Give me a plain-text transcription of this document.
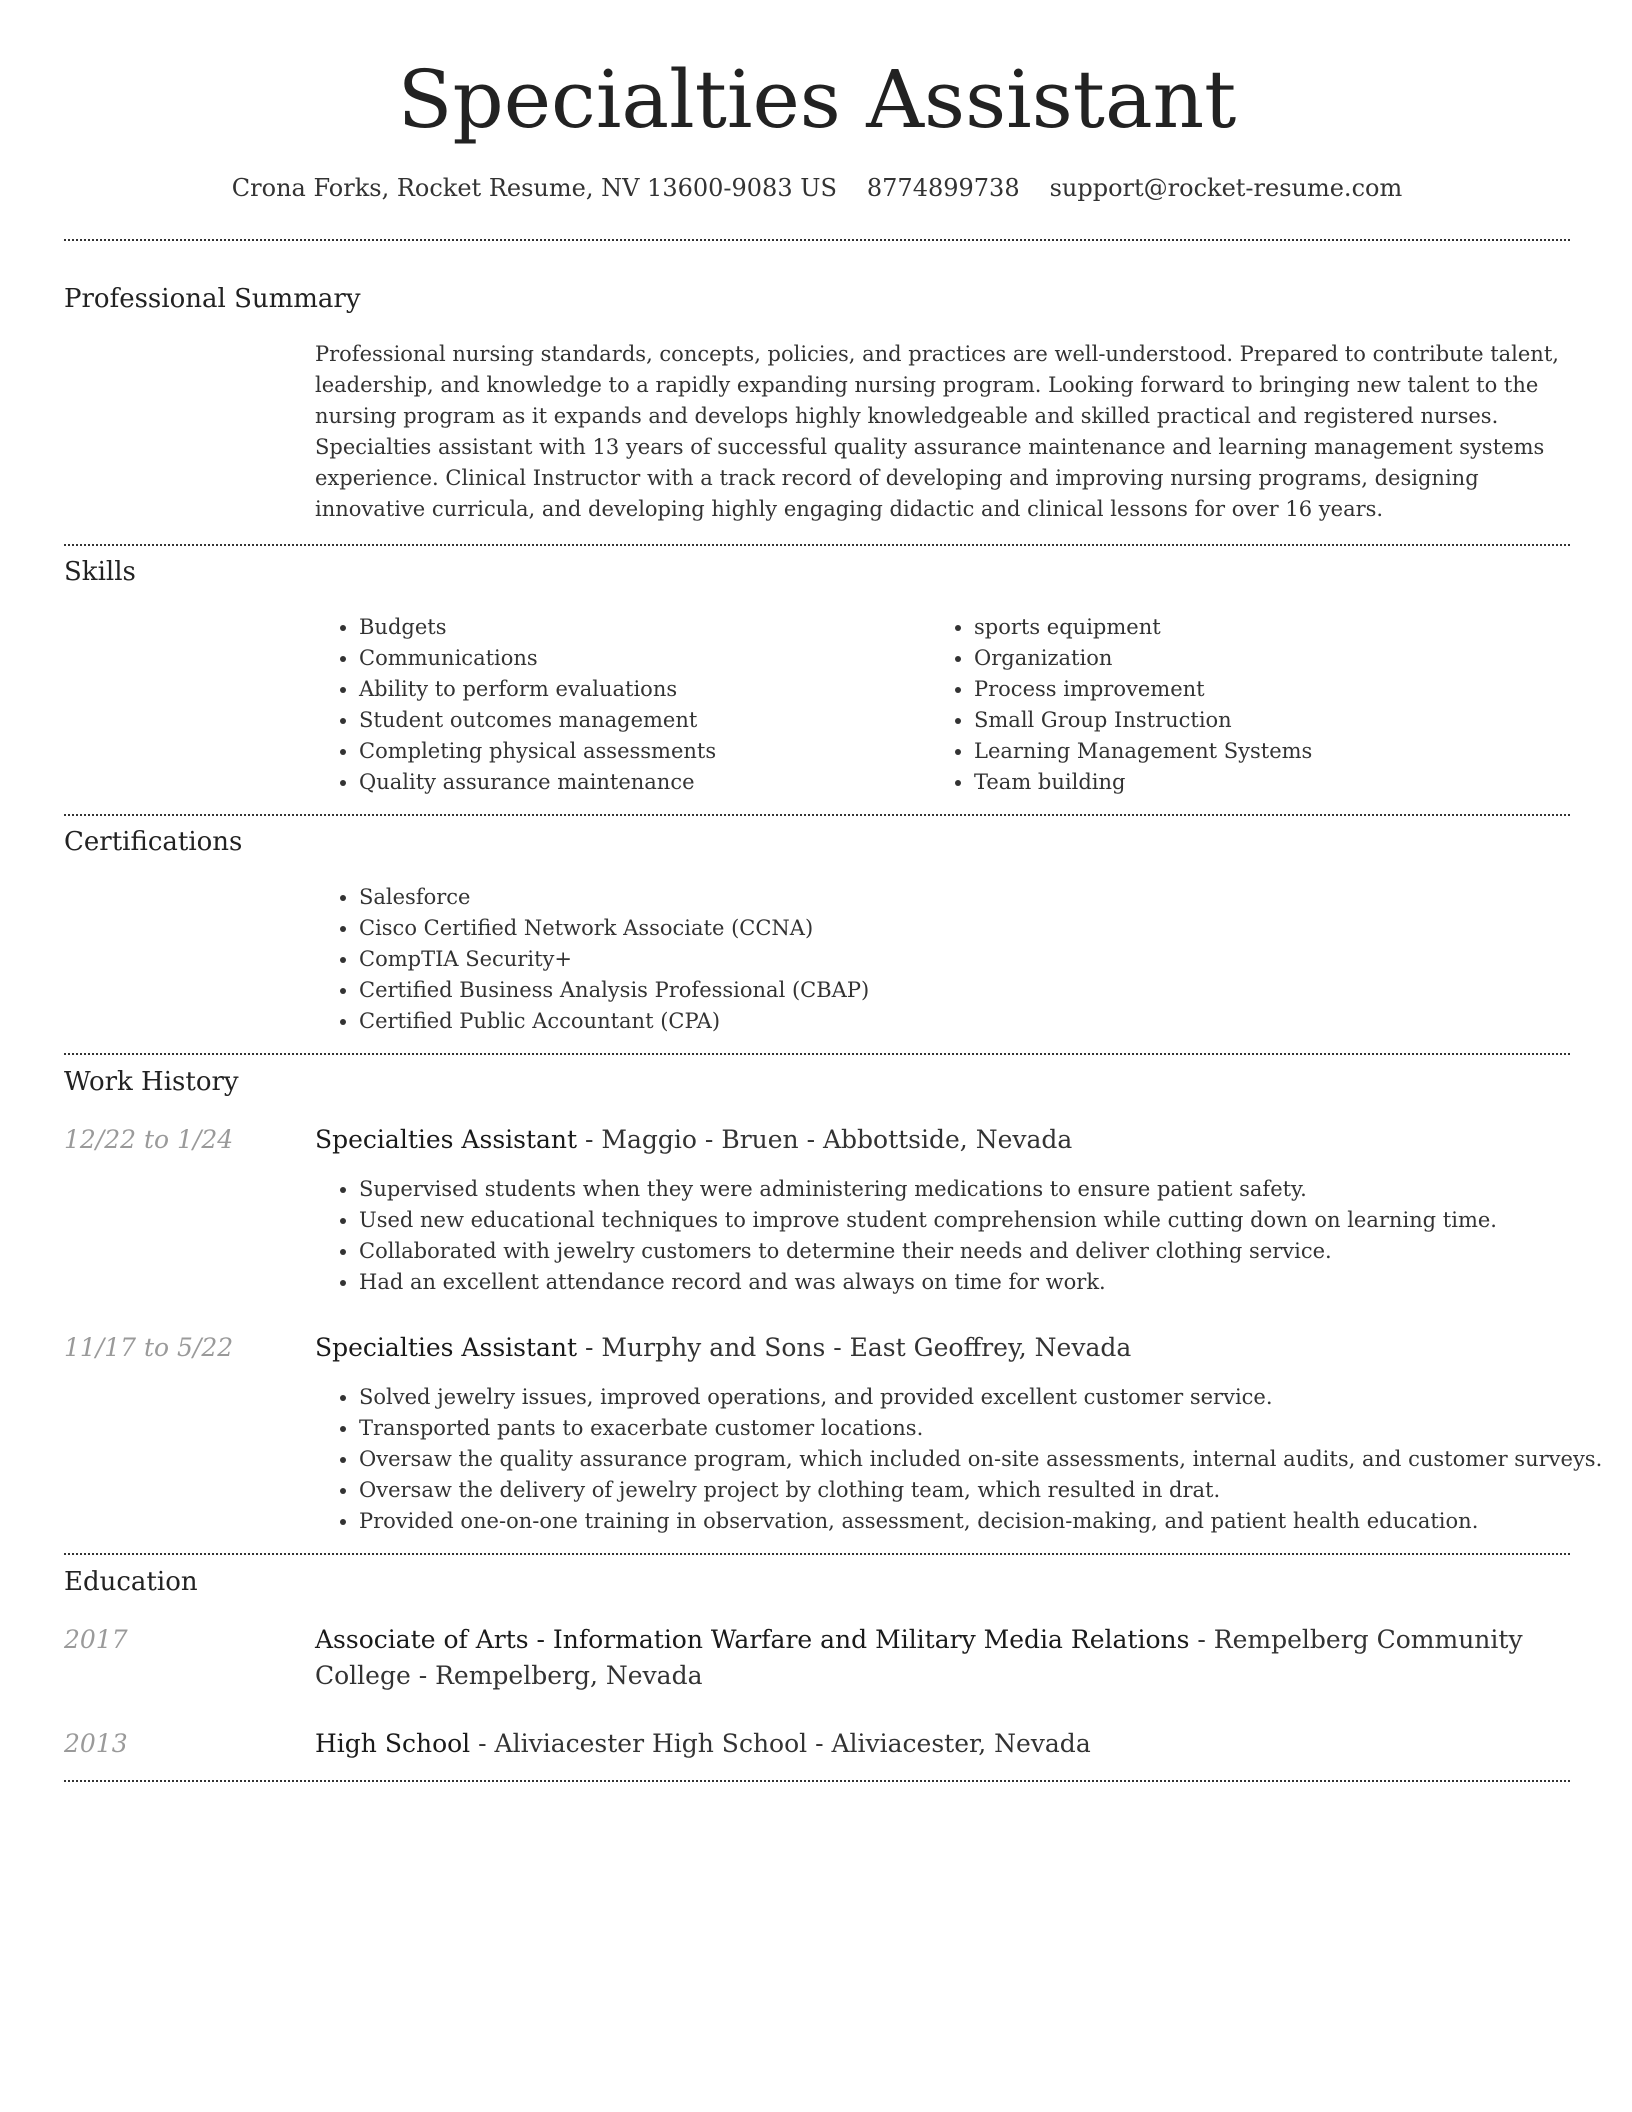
Specialties Assistant
Crona Forks, Rocket Resume, NV 13600-9083 US 8774899738 support@rocket-resume.com
Professional Summary

Professional nursing standards, concepts, policies, and practices are well-understood. Prepared to contribute talent, leadership, and knowledge to a rapidly expanding nursing program. Looking forward to bringing new talent to the nursing program as it expands and develops highly knowledgeable and skilled practical and registered nurses. Specialties assistant with 13 years of successful quality assurance maintenance and learning management systems experience. Clinical Instructor with a track record of developing and improving nursing programs, designing innovative curricula, and developing highly engaging didactic and clinical lessons for over 16 years.

Skills
• Budgets
• Communications
• Ability to perform evaluations
• Student outcomes management
• Completing physical assessments
• Quality assurance maintenance
• sports equipment
• Organization
• Process improvement
• Small Group Instruction
• Learning Management Systems
• Team building
Certifications
• Salesforce
• Cisco Certified Network Associate (CCNA)
• CompTIA Security+
• Certified Business Analysis Professional (CBAP)
• Certified Public Accountant (CPA)
Work History
12/22 to 1/24	Specialties Assistant - Maggio - Bruen - Abbottside, Nevada
• Supervised students when they were administering medications to ensure patient safety.
• Used new educational techniques to improve student comprehension while cutting down on learning time.
• Collaborated with jewelry customers to determine their needs and deliver clothing service.
• Had an excellent attendance record and was always on time for work.
11/17 to 5/22	Specialties Assistant - Murphy and Sons - East Geoffrey, Nevada
• Solved jewelry issues, improved operations, and provided excellent customer service.
• Transported pants to exacerbate customer locations.
• Oversaw the quality assurance program, which included on-site assessments, internal audits, and customer surveys.
• Oversaw the delivery of jewelry project by clothing team, which resulted in drat.
• Provided one-on-one training in observation, assessment, decision-making, and patient health education.
Education
2017	Associate of Arts - Information Warfare and Military Media Relations - Rempelberg Community College - Rempelberg, Nevada
2013	High School - Aliviacester High School - Aliviacester, Nevada
